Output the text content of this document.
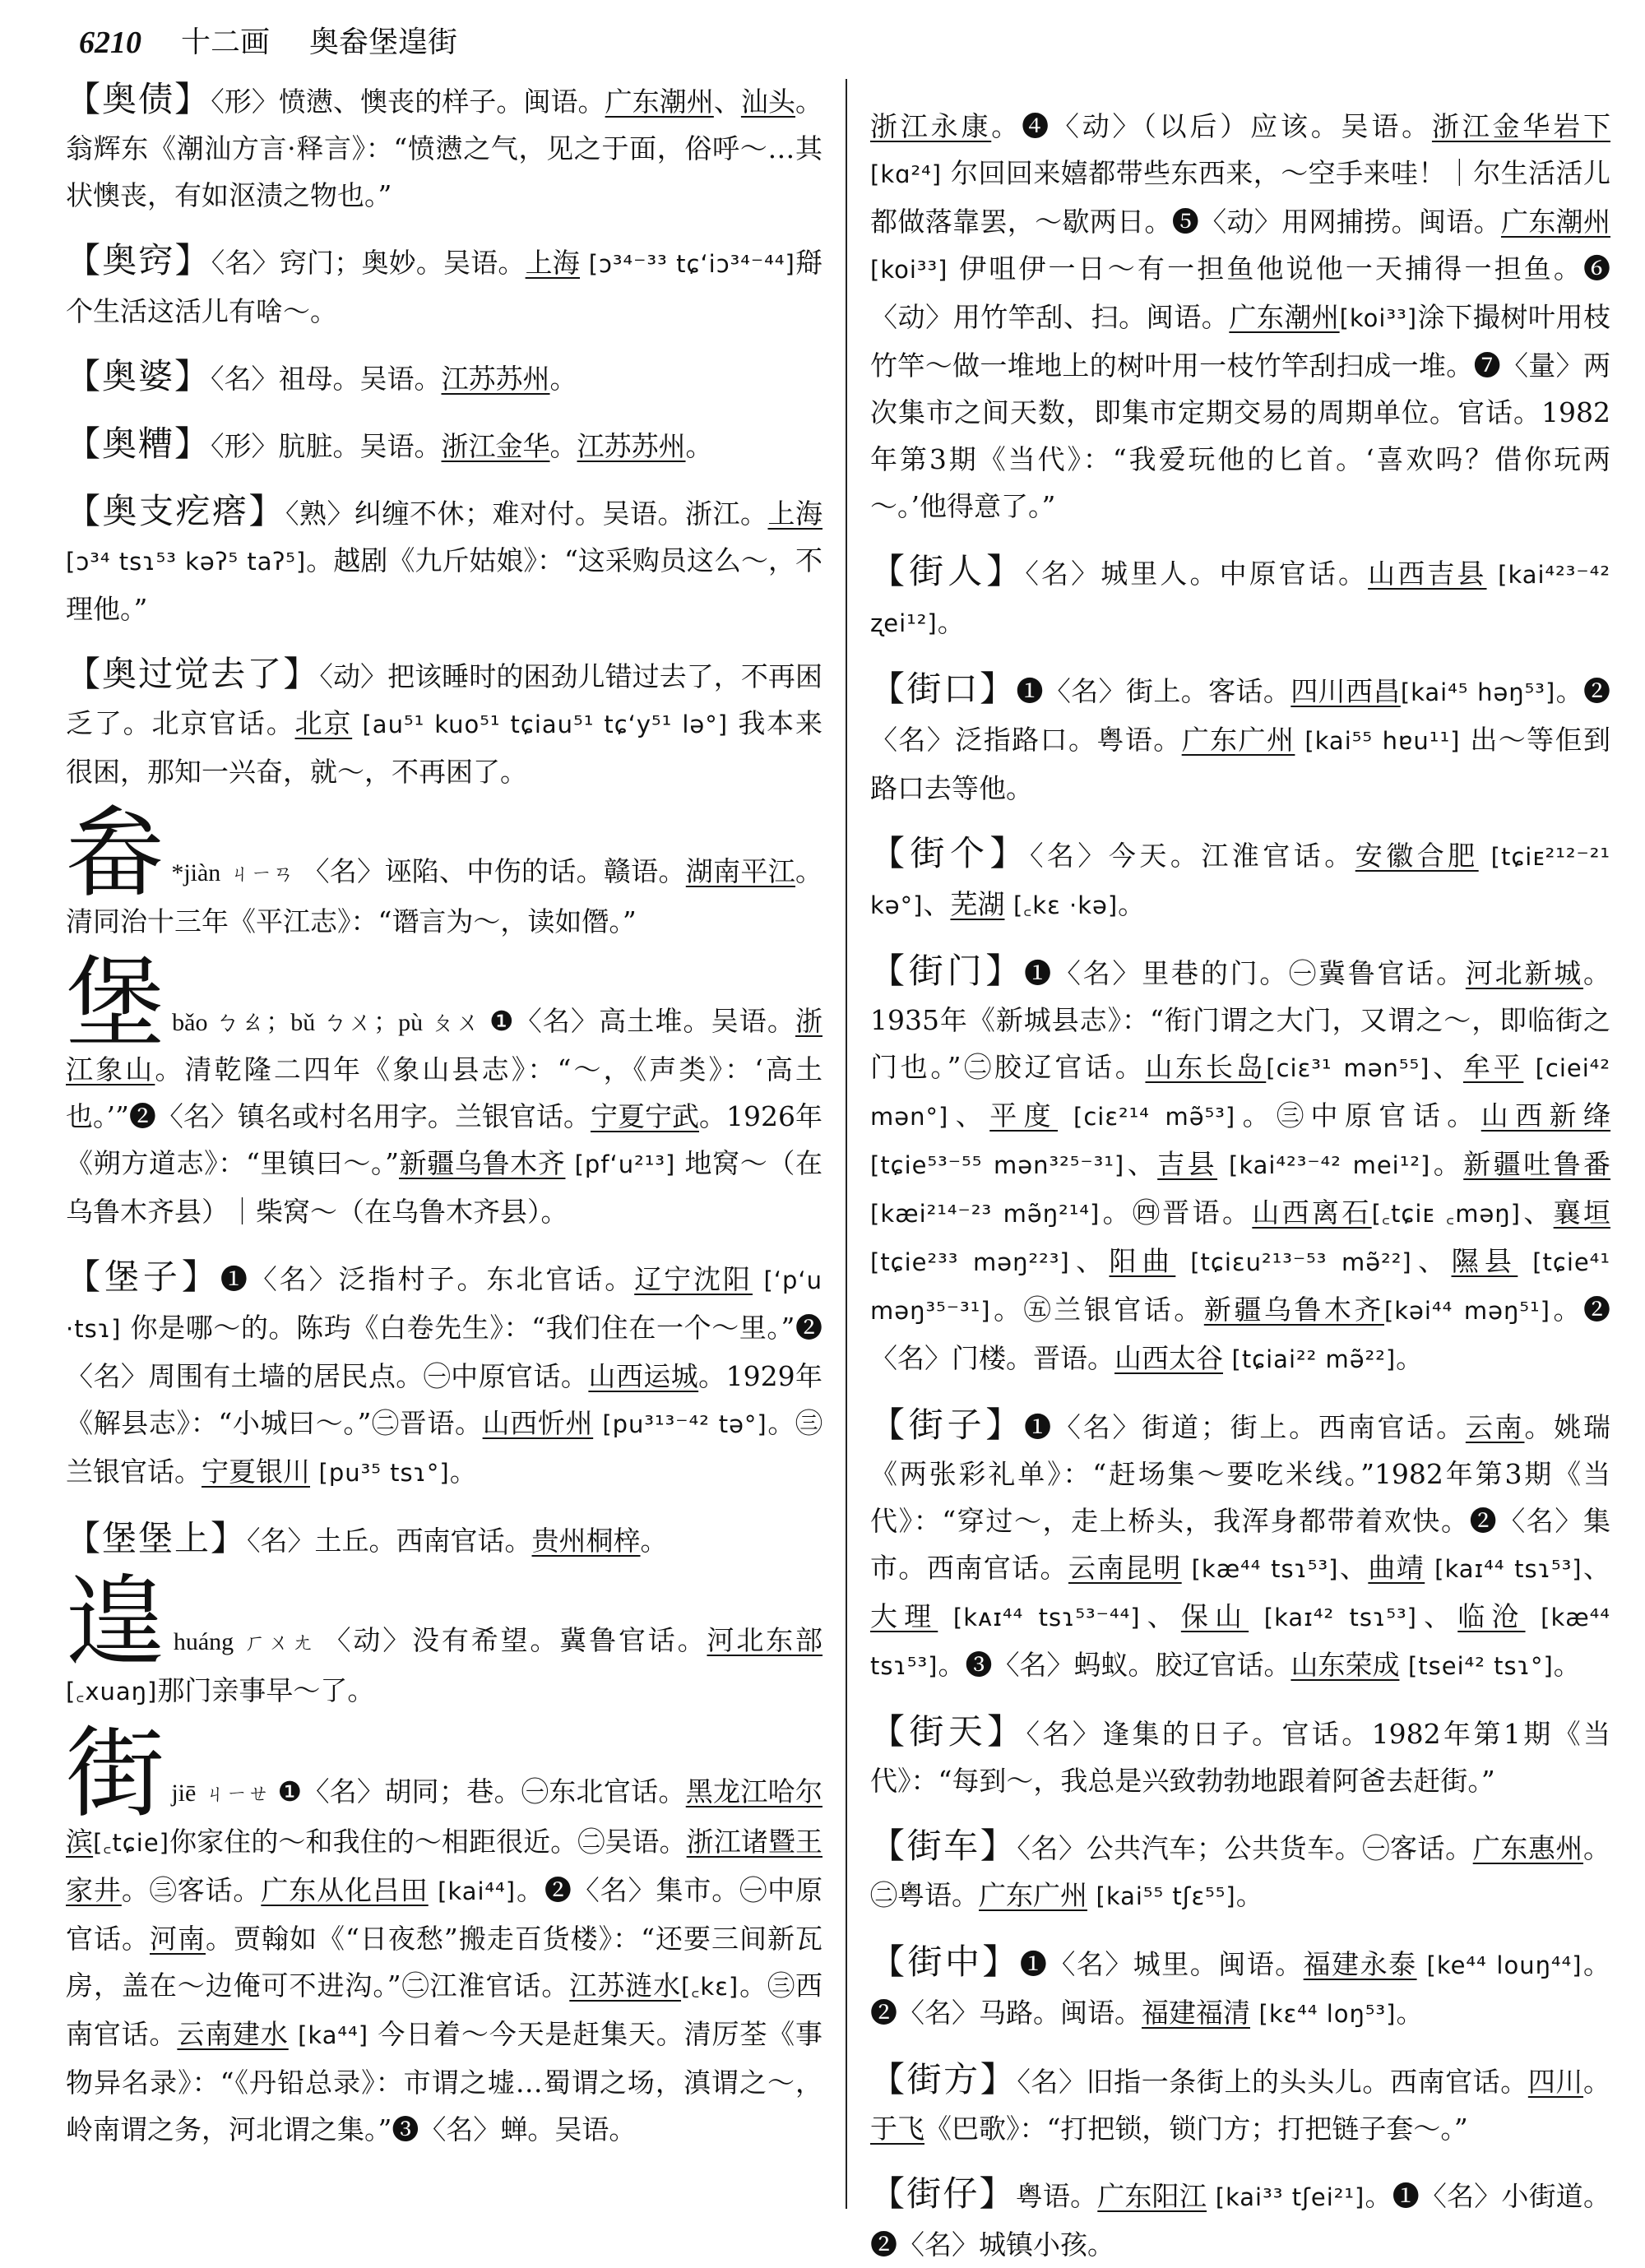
6210 十二画 奥畚堡遑街

【奥债】〈形〉愤懑、懊丧的样子。闽语。广东潮州、汕头。翁辉东《潮汕方言·释言》：“愤懑之气，见之于面，俗呼～…其状懊丧，有如沤渍之物也。”

【奥窍】〈名〉窍门；奥妙。吴语。上海 [ɔ³⁴⁻³³ tɕʻiɔ³⁴⁻⁴⁴]搿个生活这活儿有啥～。

【奥婆】〈名〉祖母。吴语。江苏苏州。

【奥糟】〈形〉肮脏。吴语。浙江金华。江苏苏州。

【奥支疙瘩】〈熟〉纠缠不休；难对付。吴语。浙江。上海[ɔ³⁴ tsɿ⁵³ kəʔ⁵ taʔ⁵]。越剧《九斤姑娘》：“这采购员这么～，不理他。”

【奥过觉去了】〈动〉把该睡时的困劲儿错过去了，不再困乏了。北京官话。北京 [au⁵¹ kuo⁵¹ tɕiau⁵¹ tɕʻy⁵¹ lə°] 我本来很困，那知一兴奋，就～，不再困了。

畚 *jiàn ㄐㄧㄢ 〈名〉诬陷、中伤的话。赣语。湖南平江。清同治十三年《平江志》：“谮言为～，读如僭。”

堡bǎo ㄅㄠ；bǔ ㄅㄨ；pù ㄆㄨ ❶〈名〉高土堆。吴语。浙江象山。清乾隆二四年《象山县志》：“～，《声类》：‘高土也。’”❷〈名〉镇名或村名用字。兰银官话。宁夏宁武。1926年《朔方道志》：“里镇曰～。”新疆乌鲁木齐 [pfʻu²¹³] 地窝～（在乌鲁木齐县）｜柴窝～（在乌鲁木齐县）。

【堡子】❶〈名〉泛指村子。东北官话。辽宁沈阳 [ʻpʻu ·tsɿ] 你是哪～的。陈玙《白卷先生》：“我们住在一个～里。”❷〈名〉周围有土墙的居民点。㊀中原官话。山西运城。1929年《解县志》：“小城曰～。”㊁晋语。山西忻州 [pu³¹³⁻⁴² tə°]。㊂兰银官话。宁夏银川 [pu³⁵ tsɿ°]。

【堡堡上】〈名〉土丘。西南官话。贵州桐梓。

遑huáng ㄏㄨㄤ 〈动〉没有希望。冀鲁官话。河北东部 [꜀xuaŋ]那门亲事早～了。

街jiē ㄐㄧㄝ ❶〈名〉胡同；巷。㊀东北官话。黑龙江哈尔滨[꜀tɕie]你家住的～和我住的～相距很近。㊁吴语。浙江诸暨王家井。㊂客话。广东从化吕田 [kai⁴⁴]。❷〈名〉集市。㊀中原官话。河南。贾翰如《“日夜愁”搬走百货楼》：“还要三间新瓦房，盖在～边俺可不进沟。”㊁江淮官话。江苏涟水[꜀kɛ]。㊂西南官话。云南建水 [ka⁴⁴] 今日着～今天是赶集天。清厉荃《事物异名录》：“《丹铅总录》：市谓之墟…蜀谓之场，滇谓之～，岭南谓之务，河北谓之集。”❸〈名〉蝉。吴语。

浙江永康。❹〈动〉（以后）应该。吴语。浙江金华岩下 [kɑ²⁴] 尔回回来嬉都带些东西来，～空手来哇！｜尔生活活儿都做落靠罢，～歇两日。❺〈动〉用网捕捞。闽语。广东潮州 [koi³³] 伊咀伊一日～有一担鱼他说他一天捕得一担鱼。❻〈动〉用竹竿刮、扫。闽语。广东潮州[koi³³]涂下撮树叶用枝竹竿～做一堆地上的树叶用一枝竹竿刮扫成一堆。❼〈量〉两次集市之间天数，即集市定期交易的周期单位。官话。1982年第3期《当代》：“我爱玩他的匕首。‘喜欢吗？借你玩两～。’他得意了。”

【街人】〈名〉城里人。中原官话。山西吉县 [kai⁴²³⁻⁴² ʐei¹²]。

【街口】❶〈名〉街上。客话。四川西昌[kai⁴⁵ həŋ⁵³]。❷〈名〉泛指路口。粤语。广东广州 [kai⁵⁵ hɐu¹¹] 出～等佢到路口去等他。

【街个】〈名〉今天。江淮官话。安徽合肥 [tɕiᴇ²¹²⁻²¹ kə°]、芜湖 [꜀kɛ ·kə]。

【街门】❶〈名〉里巷的门。㊀冀鲁官话。河北新城。1935年《新城县志》：“衔门谓之大门，又谓之～，即临街之门也。”㊁胶辽官话。山东长岛[ciɛ³¹ mən⁵⁵]、牟平 [ciei⁴² mən°]、平度 [ciɛ²¹⁴ mə̃⁵³]。㊂中原官话。山西新绛 [tɕie⁵³⁻⁵⁵ mən³²⁵⁻³¹]、吉县 [kai⁴²³⁻⁴² mei¹²]。新疆吐鲁番 [kæi²¹⁴⁻²³ mə̃ŋ²¹⁴]。㊃晋语。山西离石[꜀tɕiᴇ ꜀məŋ]、襄垣[tɕie²³³ məŋ²²³]、阳曲 [tɕiɛu²¹³⁻⁵³ mə̃²²]、隰县 [tɕie⁴¹ məŋ³⁵⁻³¹]。㊄兰银官话。新疆乌鲁木齐[kəi⁴⁴ məŋ⁵¹]。❷〈名〉门楼。晋语。山西太谷 [tɕiai²² mə̃²²]。

【街子】❶〈名〉街道；街上。西南官话。云南。姚瑞《两张彩礼单》：“赶场集～要吃米线。”1982年第3期《当代》：“穿过～，走上桥头，我浑身都带着欢快。❷〈名〉集市。西南官话。云南昆明 [kæ⁴⁴ tsɿ⁵³]、曲靖 [kaɪ⁴⁴ tsɿ⁵³]、大理 [kᴀɪ⁴⁴ tsɿ⁵³⁻⁴⁴]、保山 [kaɪ⁴² tsɿ⁵³]、临沧 [kæ⁴⁴ tsɿ⁵³]。❸〈名〉蚂蚁。胶辽官话。山东荣成 [tsei⁴² tsɿ°]。

【街天】〈名〉逢集的日子。官话。1982年第1期《当代》：“每到～，我总是兴致勃勃地跟着阿爸去赶街。”

【街车】〈名〉公共汽车；公共货车。㊀客话。广东惠州。㊁粤语。广东广州 [kai⁵⁵ tʃɛ⁵⁵]。

【街中】❶〈名〉城里。闽语。福建永泰 [ke⁴⁴ louŋ⁴⁴]。❷〈名〉马路。闽语。福建福清 [kɛ⁴⁴ loŋ⁵³]。

【街方】〈名〉旧指一条街上的头头儿。西南官话。四川。于飞《巴歌》：“打把锁，锁门方；打把链子套～。”

【街仔】粤语。广东阳江 [kai³³ tʃei²¹]。❶〈名〉小街道。❷〈名〉城镇小孩。
